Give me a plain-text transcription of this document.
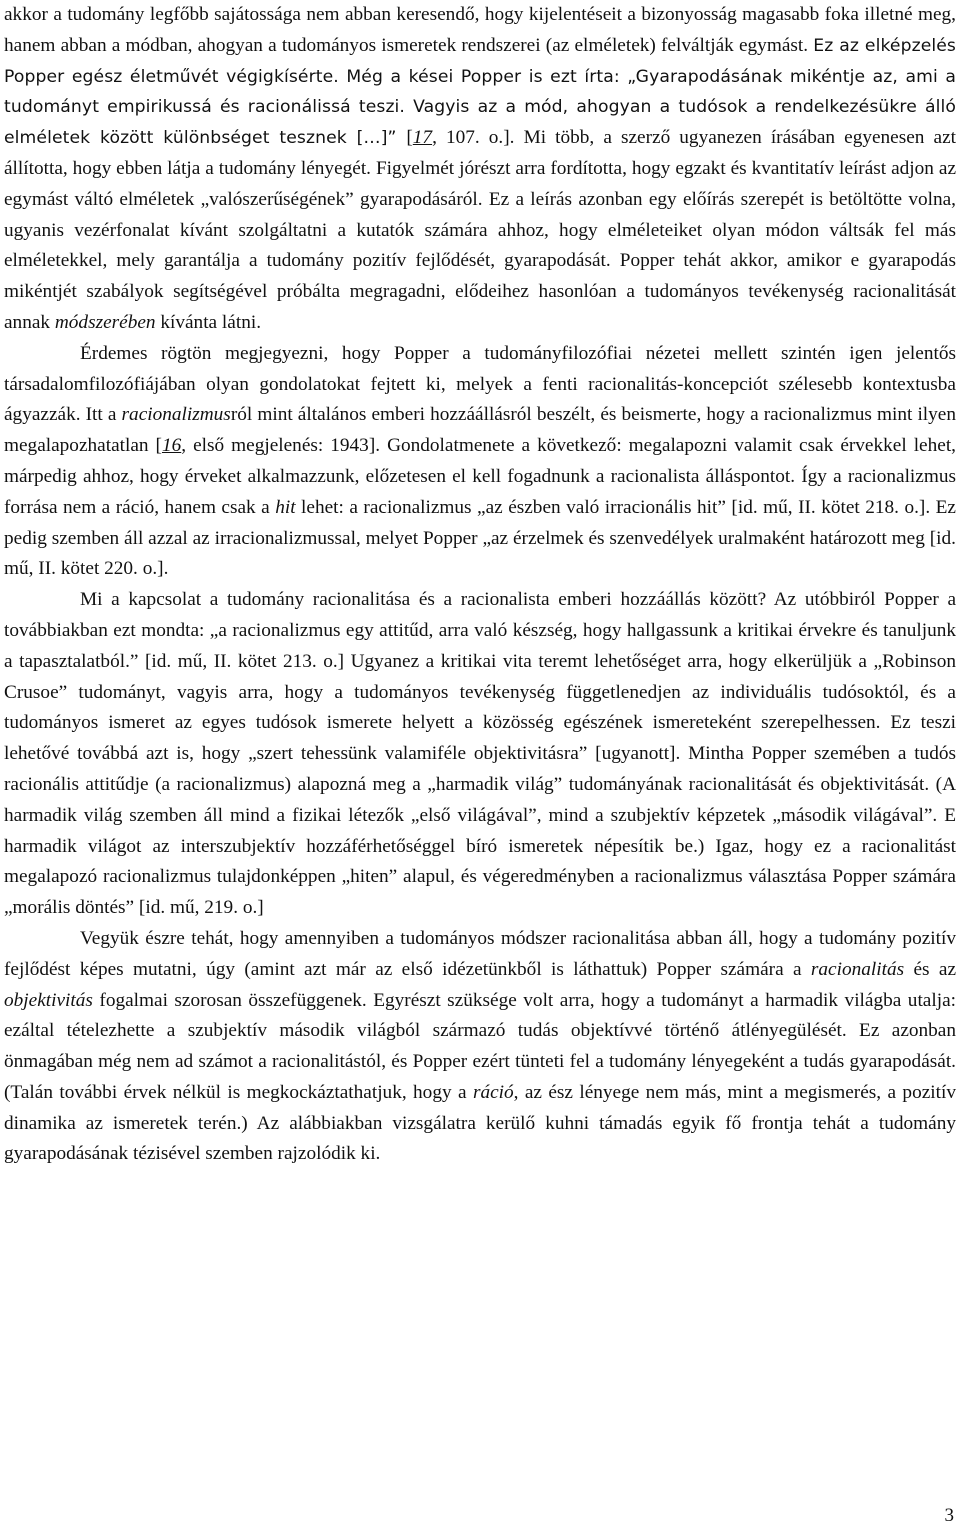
akkor a tudomány legfőbb sajátossága nem abban keresendő, hogy kijelentéseit a bizonyosság magasabb foka illetné meg, hanem abban a módban, ahogyan a tudományos ismeretek rendszerei (az elméletek) felváltják egymást. Ez az elképzelés Popper egész életművét végigkísérte. Még a kései Popper is ezt írta: „Gyarapodásának mikéntje az, ami a tudományt empirikussá és racionálissá teszi. Vagyis az a mód, ahogyan a tudósok a rendelkezésükre álló elméletek között különbséget tesznek […]” [17, 107. o.]. Mi több, a szerző ugyanezen írásában egyenesen azt állította, hogy ebben látja a tudomány lényegét. Figyelmét jórészt arra fordította, hogy egzakt és kvantitatív leírást adjon az egymást váltó elméletek „valószerűségének” gyarapodásáról. Ez a leírás azonban egy előírás szerepét is betöltötte volna, ugyanis vezérfonalat kívánt szolgáltatni a kutatók számára ahhoz, hogy elméleteiket olyan módon váltsák fel más elméletekkel, mely garantálja a tudomány pozitív fejlődését, gyarapodását. Popper tehát akkor, amikor e gyarapodás mikéntjét szabályok segítségével próbálta megragadni, elődeihez hasonlóan a tudományos tevékenység racionalitását annak módszerében kívánta látni.

Érdemes rögtön megjegyezni, hogy Popper a tudományfilozófiai nézetei mellett szintén igen jelentős társadalomfilozófiájában olyan gondolatokat fejtett ki, melyek a fenti racionalitás-koncepciót szélesebb kontextusba ágyazzák. Itt a racionalizmusról mint általános emberi hozzáállásról beszélt, és beismerte, hogy a racionalizmus mint ilyen megalapozhatatlan [16, első megjelenés: 1943]. Gondolatmenete a következő: megalapozni valamit csak érvekkel lehet, márpedig ahhoz, hogy érveket alkalmazzunk, előzetesen el kell fogadnunk a racionalista álláspontot. Így a racionalizmus forrása nem a ráció, hanem csak a hit lehet: a racionalizmus „az észben való irracionális hit” [id. mű, II. kötet 218. o.]. Ez pedig szemben áll azzal az irracionalizmussal, melyet Popper „az érzelmek és szenvedélyek uralmaként határozott meg [id. mű, II. kötet 220. o.].

Mi a kapcsolat a tudomány racionalitása és a racionalista emberi hozzáállás között? Az utóbbiról Popper a továbbiakban ezt mondta: „a racionalizmus egy attitűd, arra való készség, hogy hallgassunk a kritikai érvekre és tanuljunk a tapasztalatból.” [id. mű, II. kötet 213. o.] Ugyanez a kritikai vita teremt lehetőséget arra, hogy elkerüljük a „Robinson Crusoe” tudományt, vagyis arra, hogy a tudományos tevékenység függetlenedjen az individuális tudósoktól, és a tudományos ismeret az egyes tudósok ismerete helyett a közösség egészének ismereteként szerepelhessen. Ez teszi lehetővé továbbá azt is, hogy „szert tehessünk valamiféle objektivitásra” [ugyanott]. Mintha Popper szemében a tudós racionális attitűdje (a racionalizmus) alapozná meg a „harmadik világ” tudományának racionalitását és objektivitását. (A harmadik világ szemben áll mind a fizikai létezők „első világával”, mind a szubjektív képzetek „második világával”. E harmadik világot az interszubjektív hozzáférhetőséggel bíró ismeretek népesítik be.) Igaz, hogy ez a racionalitást megalapozó racionalizmus tulajdonképpen „hiten” alapul, és végeredményben a racionalizmus választása Popper számára „morális döntés” [id. mű, 219. o.]

Vegyük észre tehát, hogy amennyiben a tudományos módszer racionalitása abban áll, hogy a tudomány pozitív fejlődést képes mutatni, úgy (amint azt már az első idézetünkből is láthattuk) Popper számára a racionalitás és az objektivitás fogalmai szorosan összefüggenek. Egyrészt szüksége volt arra, hogy a tudományt a harmadik világba utalja: ezáltal tételezhette a szubjektív második világból származó tudás objektívvé történő átlényegülését. Ez azonban önmagában még nem ad számot a racionalitástól, és Popper ezért tünteti fel a tudomány lényegeként a tudás gyarapodását. (Talán további érvek nélkül is megkockáztathatjuk, hogy a ráció, az ész lényege nem más, mint a megismerés, a pozitív dinamika az ismeretek terén.) Az alábbiakban vizsgálatra kerülő kuhni támadás egyik fő frontja tehát a tudomány gyarapodásának tézisével szemben rajzolódik ki.

3
